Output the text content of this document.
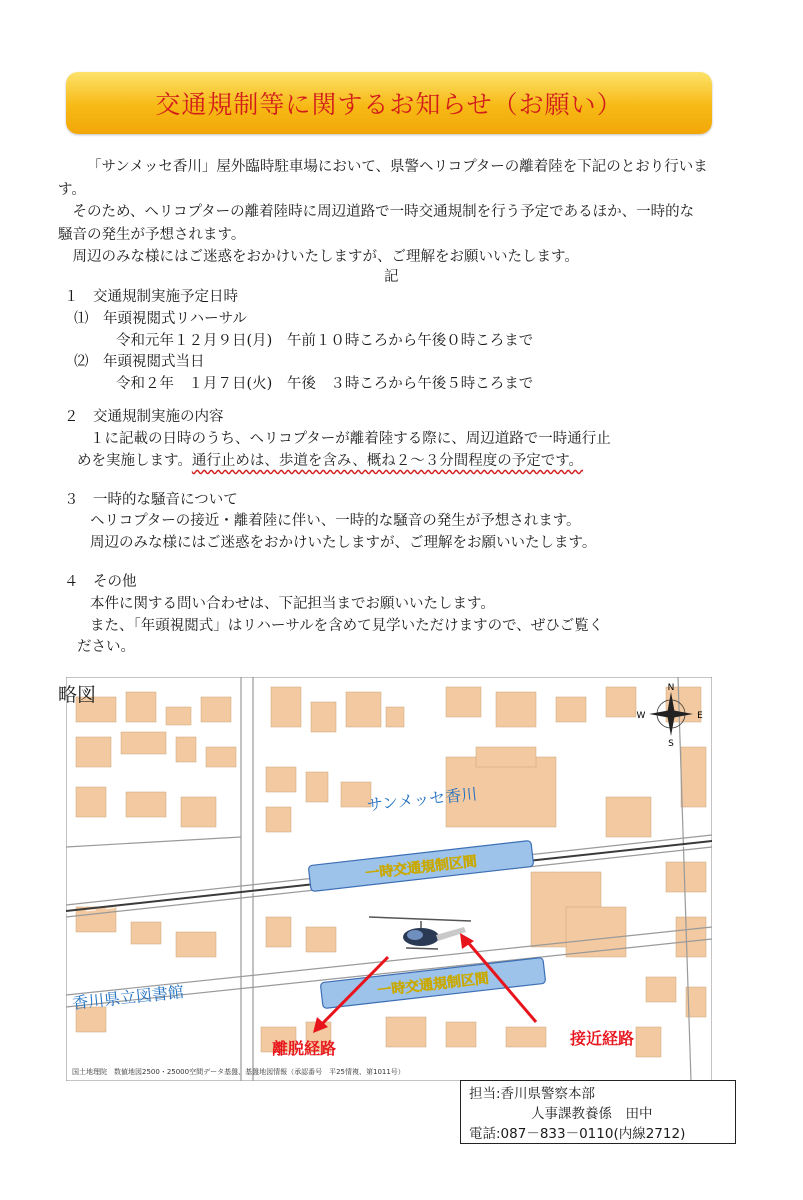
交通規制等に関するお知らせ（お願い）
「サンメッセ香川」屋外臨時駐車場において、県警ヘリコプターの離着陸を下記のとおり行います。
そのため、ヘリコプターの離着陸時に周辺道路で一時交通規制を行う予定であるほか、一時的な騒音の発生が予想されます。
周辺のみな様にはご迷惑をおかけいたしますが、ご理解をお願いいたします。
記
１　交通規制実施予定日時
⑴　年頭視閲式リハーサル
令和元年１２月９日(月)　午前１０時ころから午後０時ころまで
⑵　年頭視閲式当日
令和２年　１月７日(火)　午後　３時ころから午後５時ころまで
２　交通規制実施の内容
１に記載の日時のうち、ヘリコプターが離着陸する際に、周辺道路で一時通行止
めを実施します。通行止めは、歩道を含み、概ね２～３分間程度の予定です。
３　一時的な騒音について
ヘリコプターの接近・離着陸に伴い、一時的な騒音の発生が予想されます。
周辺のみな様にはご迷惑をおかけいたしますが、ご理解をお願いいたします。
４　その他
本件に関する問い合わせは、下記担当までお願いいたします。
また、「年頭視閲式」はリハーサルを含めて見学いただけますので、ぜひご覧く
ださい。
略図
一時交通規制区間
一時交通規制区間
N
S
E
W
サンメッセ香川
香川県立図書館
離脱経路
接近経路
国土地理院　数値地図2500・25000空間データ基盤、基盤地図情報（承認番号　平25情複、第1011号）
担当:香川県警察本部
人事課教養係　田中
電話:087－833－0110(内線2712)
